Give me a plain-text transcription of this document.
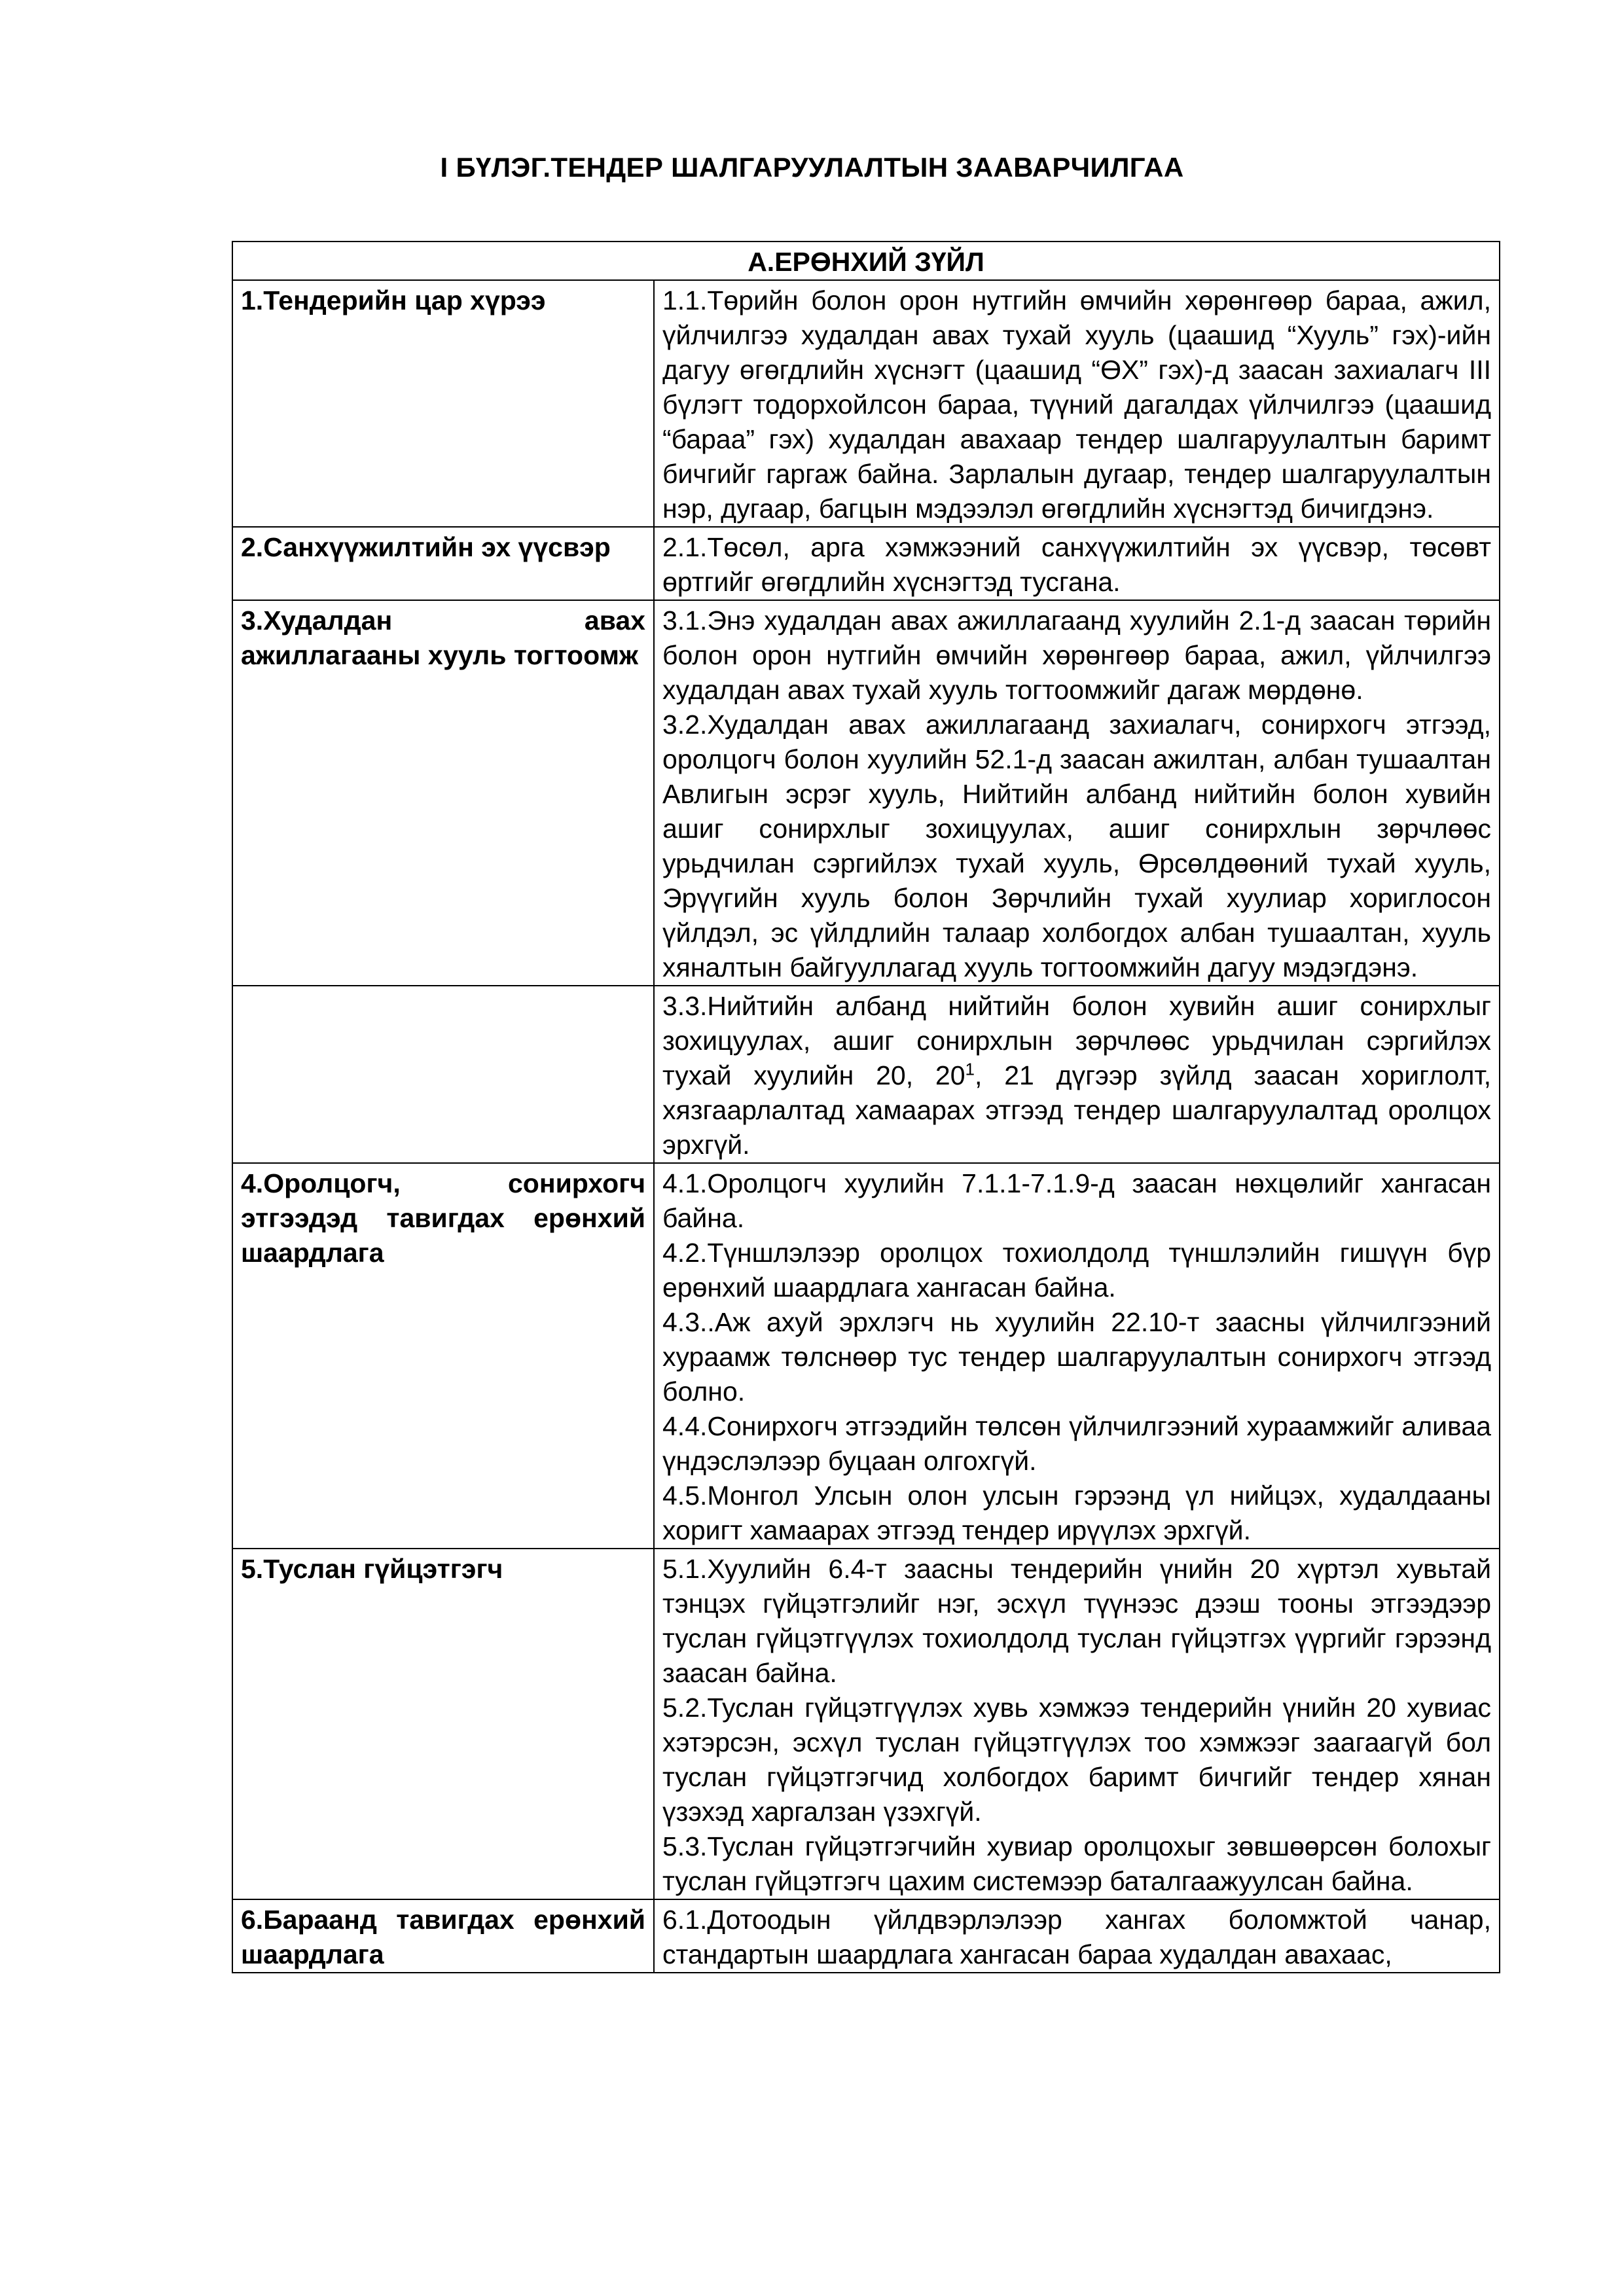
I БҮЛЭГ.ТЕНДЕР ШАЛГАРУУЛАЛТЫН ЗААВАРЧИЛГАА
А.ЕРӨНХИЙ ЗҮЙЛ	
1.Тендерийн цар хүрээ	1.1.Төрийн болон орон нутгийн өмчийн хөрөнгөөр бараа, ажил, үйлчилгээ худалдан авах тухай хууль (цаашид “Хууль” гэх)-ийн дагуу өгөгдлийн хүснэгт (цаашид “ӨХ” гэх)-д заасан захиалагч III бүлэгт тодорхойлсон бараа, түүний дагалдах үйлчилгээ (цаашид “бараа” гэх) худалдан авахаар тендер шалгаруулалтын баримт бичгийг гаргаж байна. Зарлалын дугаар, тендер шалгаруулалтын нэр, дугаар, багцын мэдээлэл өгөгдлийн хүснэгтэд бичигдэнэ.

2.Санхүүжилтийн эх үүсвэр	2.1.Төсөл, арга хэмжээний санхүүжилтийн эх үүсвэр, төсөвт өртгийг өгөгдлийн хүснэгтэд тусгана.

3.Худалдан авах ажиллагааны хууль тогтоомж	3.1.Энэ худалдан авах ажиллагаанд хуулийн 2.1-д заасан төрийн болон орон нутгийн өмчийн хөрөнгөөр бараа, ажил, үйлчилгээ худалдан авах тухай хууль тогтоомжийг дагаж мөрдөнө.
3.2.Худалдан авах ажиллагаанд захиалагч, сонирхогч этгээд, оролцогч болон хуулийн 52.1-д заасан ажилтан, албан тушаалтан Авлигын эсрэг хууль, Нийтийн албанд нийтийн болон хувийн ашиг сонирхлыг зохицуулах, ашиг сонирхлын зөрчлөөс урьдчилан сэргийлэх тухай хууль, Өрсөлдөөний тухай хууль, Эрүүгийн хууль болон Зөрчлийн тухай хуулиар хориглосон үйлдэл, эс үйлдлийн талаар холбогдох албан тушаалтан, хууль хяналтын байгууллагад хууль тогтоомжийн дагуу мэдэгдэнэ.

	3.3.Нийтийн албанд нийтийн болон хувийн ашиг сонирхлыг зохицуулах, ашиг сонирхлын зөрчлөөс урьдчилан сэргийлэх тухай хуулийн 20, $20^1$, 21 дүгээр зүйлд заасан хориглолт, хязгаарлалтад хамаарах этгээд тендер шалгаруулалтад оролцох эрхгүй.

4.Оролцогч, сонирхогч этгээдэд тавигдах ерөнхий шаардлага	4.1.Оролцогч хуулийн 7.1.1-7.1.9-д заасан нөхцөлийг хангасан байна.
4.2.Түншлэлээр оролцох тохиолдолд түншлэлийн гишүүн бүр ерөнхий шаардлага хангасан байна.
4.3..Аж ахуй эрхлэгч нь хуулийн 22.10-т заасны үйлчилгээний хураамж төлснөөр тус тендер шалгаруулалтын сонирхогч этгээд болно.
4.4.Сонирхогч этгээдийн төлсөн үйлчилгээний хураамжийг аливаа үндэслэлээр буцаан олгохгүй.
4.5.Монгол Улсын олон улсын гэрээнд үл нийцэх, худалдааны хоригт хамаарах этгээд тендер ирүүлэх эрхгүй.

5.Туслан гүйцэтгэгч	5.1.Хуулийн 6.4-т заасны тендерийн үнийн 20 хүртэл хувьтай тэнцэх гүйцэтгэлийг нэг, эсхүл түүнээс дээш тооны этгээдээр туслан гүйцэтгүүлэх тохиолдолд туслан гүйцэтгэх үүргийг гэрээнд заасан байна.
5.2.Туслан гүйцэтгүүлэх хувь хэмжээ тендерийн үнийн 20 хувиас хэтэрсэн, эсхүл туслан гүйцэтгүүлэх тоо хэмжээг заагаагүй бол туслан гүйцэтгэгчид холбогдох баримт бичгийг тендер хянан үзэхэд харгалзан үзэхгүй.
5.3.Туслан гүйцэтгэгчийн хувиар оролцохыг зөвшөөрсөн болохыг туслан гүйцэтгэгч цахим системээр баталгаажуулсан байна.

6.Бараанд тавигдах ерөнхий шаардлага	6.1.Дотоодын үйлдвэрлэлээр хангах боломжтой чанар, стандартын шаардлага хангасан бараа худалдан авахаас,
